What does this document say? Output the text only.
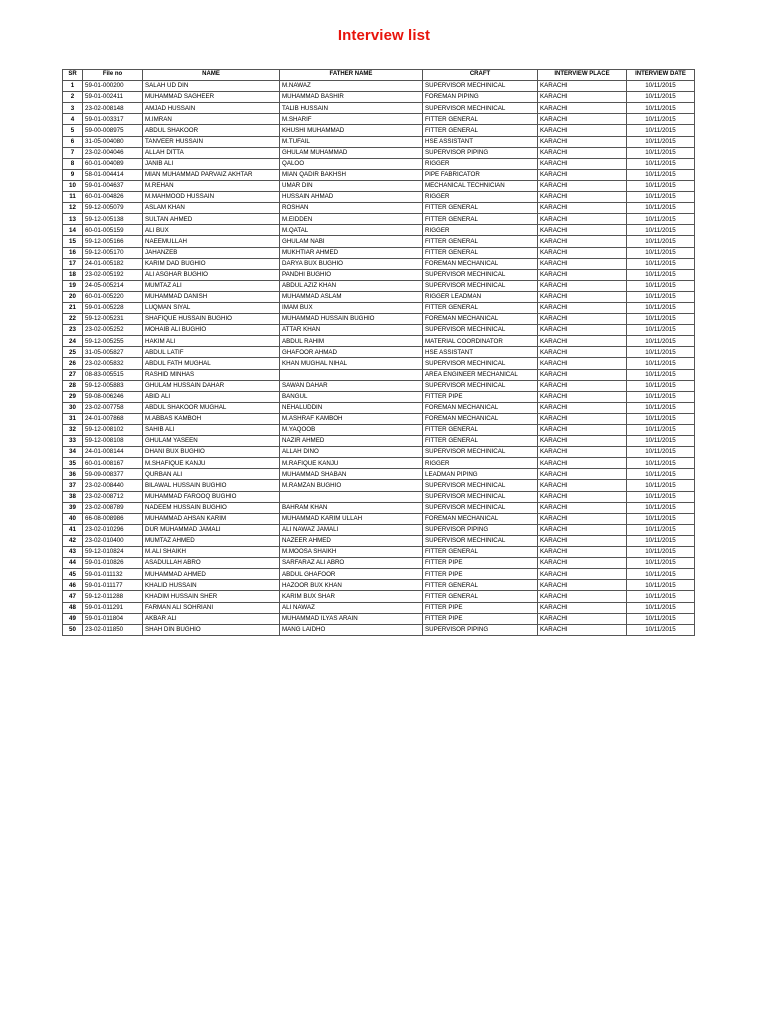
Interview list
SR	File no	NAME	FATHER NAME	CRAFT	INTERVIEW PLACE	INTERVIEW DATE
1	59-01-000200	SALAH UD DIN	M.NAWAZ	SUPERVISOR MECHINICAL	KARACHI	10/11/2015
2	59-01-002411	MUHAMMAD SAGHEER	MUHAMMAD BASHIR	FOREMAN PIPING	KARACHI	10/11/2015
3	23-02-008148	AMJAD HUSSAIN	TALIB HUSSAIN	SUPERVISOR MECHINICAL	KARACHI	10/11/2015
4	59-01-003317	M.IMRAN	M.SHARIF	FITTER GENERAL	KARACHI	10/11/2015
5	59-00-008975	ABDUL SHAKOOR	KHUSHI MUHAMMAD	FITTER GENERAL	KARACHI	10/11/2015
6	31-05-004080	TANVEER HUSSAIN	M.TUFAIL	HSE ASSISTANT	KARACHI	10/11/2015
7	23-02-004046	ALLAH DITTA	GHULAM MUHAMMAD	SUPERVISOR PIPING	KARACHI	10/11/2015
8	60-01-004089	JANIB ALI	QALOO	RIGGER	KARACHI	10/11/2015
9	58-01-004414	MIAN MUHAMMAD PARVAIZ AKHTAR	MIAN QADIR BAKHSH	PIPE FABRICATOR	KARACHI	10/11/2015
10	59-01-004637	M.REHAN	UMAR DIN	MECHANICAL TECHNICIAN	KARACHI	10/11/2015
11	60-01-004826	M.MAHMOOD HUSSAIN	HUSSAIN AHMAD	RIGGER	KARACHI	10/11/2015
12	59-12-005079	ASLAM KHAN	ROSHAN	FITTER GENERAL	KARACHI	10/11/2015
13	59-12-005138	SULTAN AHMED	M.EIDDEN	FITTER GENERAL	KARACHI	10/11/2015
14	60-01-005159	ALI BUX	M.QATAL	RIGGER	KARACHI	10/11/2015
15	59-12-005166	NAEEMULLAH	GHULAM NABI	FITTER GENERAL	KARACHI	10/11/2015
16	59-12-005170	JAHANZEB	MUKHTIAR AHMED	FITTER GENERAL	KARACHI	10/11/2015
17	24-01-005182	KARIM DAD BUGHIO	DARYA BUX BUGHIO	FOREMAN MECHANICAL	KARACHI	10/11/2015
18	23-02-005192	ALI ASGHAR BUGHIO	PANDHI BUGHIO	SUPERVISOR MECHINICAL	KARACHI	10/11/2015
19	24-05-005214	MUMTAZ ALI	ABDUL AZIZ KHAN	SUPERVISOR MECHINICAL	KARACHI	10/11/2015
20	60-01-005220	MUHAMMAD DANISH	MUHAMMAD ASLAM	RIGGER LEADMAN	KARACHI	10/11/2015
21	59-01-005228	LUQMAN SIYAL	IMAM BUX	FITTER GENERAL	KARACHI	10/11/2015
22	59-12-005231	SHAFIQUE HUSSAIN BUGHIO	MUHAMMAD HUSSAIN BUGHIO	FOREMAN MECHANICAL	KARACHI	10/11/2015
23	23-02-005252	MOHAIB ALI BUGHIO	ATTAR KHAN	SUPERVISOR MECHINICAL	KARACHI	10/11/2015
24	59-12-005255	HAKIM ALI	ABDUL RAHIM	MATERIAL COORDINATOR	KARACHI	10/11/2015
25	31-05-005827	ABDUL LATIF	GHAFOOR AHMAD	HSE ASSISTANT	KARACHI	10/11/2015
26	23-02-005832	ABDUL FATH MUGHAL	KHAN MUGHAL NIHAL	SUPERVISOR MECHINICAL	KARACHI	10/11/2015
27	08-83-005515	RASHID MINHAS		AREA ENGINEER MECHANICAL	KARACHI	10/11/2015
28	59-12-005883	GHULAM HUSSAIN DAHAR	SAWAN DAHAR	SUPERVISOR MECHINICAL	KARACHI	10/11/2015
29	59-08-006246	ABID ALI	BANGUL	FITTER PIPE	KARACHI	10/11/2015
30	23-02-007758	ABDUL SHAKOOR MUGHAL	NEHALUDDIN	FOREMAN MECHANICAL	KARACHI	10/11/2015
31	24-01-007868	M.ABBAS KAMBOH	M.ASHRAF KAMBOH	FOREMAN MECHANICAL	KARACHI	10/11/2015
32	59-12-008102	SAHIB ALI	M.YAQOOB	FITTER GENERAL	KARACHI	10/11/2015
33	59-12-008108	GHULAM YASEEN	NAZIR AHMED	FITTER GENERAL	KARACHI	10/11/2015
34	24-01-008144	DHANI BUX BUGHIO	ALLAH DINO	SUPERVISOR MECHINICAL	KARACHI	10/11/2015
35	60-01-008167	M.SHAFIQUE KANJU	M.RAFIQUE KANJU	RIGGER	KARACHI	10/11/2015
36	59-09-008377	QURBAN ALI	MUHAMMAD SHABAN	LEADMAN PIPING	KARACHI	10/11/2015
37	23-02-008440	BILAWAL HUSSAIN BUGHIO	M.RAMZAN BUGHIO	SUPERVISOR MECHINICAL	KARACHI	10/11/2015
38	23-02-008712	MUHAMMAD FAROOQ BUGHIO		SUPERVISOR MECHINICAL	KARACHI	10/11/2015
39	23-02-008789	NADEEM HUSSAIN BUGHIO	BAHRAM KHAN	SUPERVISOR MECHINICAL	KARACHI	10/11/2015
40	66-08-008986	MUHAMMAD AHSAN KARIM	MUHAMMAD KARIM ULLAH	FOREMAN MECHANICAL	KARACHI	10/11/2015
41	23-02-010296	DUR MUHAMMAD JAMALI	ALI NAWAZ JAMALI	SUPERVISOR PIPING	KARACHI	10/11/2015
42	23-02-010400	MUMTAZ AHMED	NAZEER AHMED	SUPERVISOR MECHINICAL	KARACHI	10/11/2015
43	59-12-010824	M.ALI SHAIKH	M.MOOSA SHAIKH	FITTER GENERAL	KARACHI	10/11/2015
44	59-01-010826	ASADULLAH ABRO	SARFARAZ ALI ABRO	FITTER PIPE	KARACHI	10/11/2015
45	59-01-011132	MUHAMMAD AHMED	ABDUL GHAFOOR	FITTER PIPE	KARACHI	10/11/2015
46	59-01-011177	KHALID HUSSAIN	HAZOOR BUX KHAN	FITTER GENERAL	KARACHI	10/11/2015
47	59-12-011288	KHADIM HUSSAIN SHER	KARIM BUX SHAR	FITTER GENERAL	KARACHI	10/11/2015
48	59-01-011291	FARMAN ALI SOHRIANI	ALI NAWAZ	FITTER PIPE	KARACHI	10/11/2015
49	59-01-011804	AKBAR ALI	MUHAMMAD ILYAS ARAIN	FITTER PIPE	KARACHI	10/11/2015
50	23-02-011850	SHAH DIN BUGHIO	MANG LAIDHO	SUPERVISOR PIPING	KARACHI	10/11/2015
